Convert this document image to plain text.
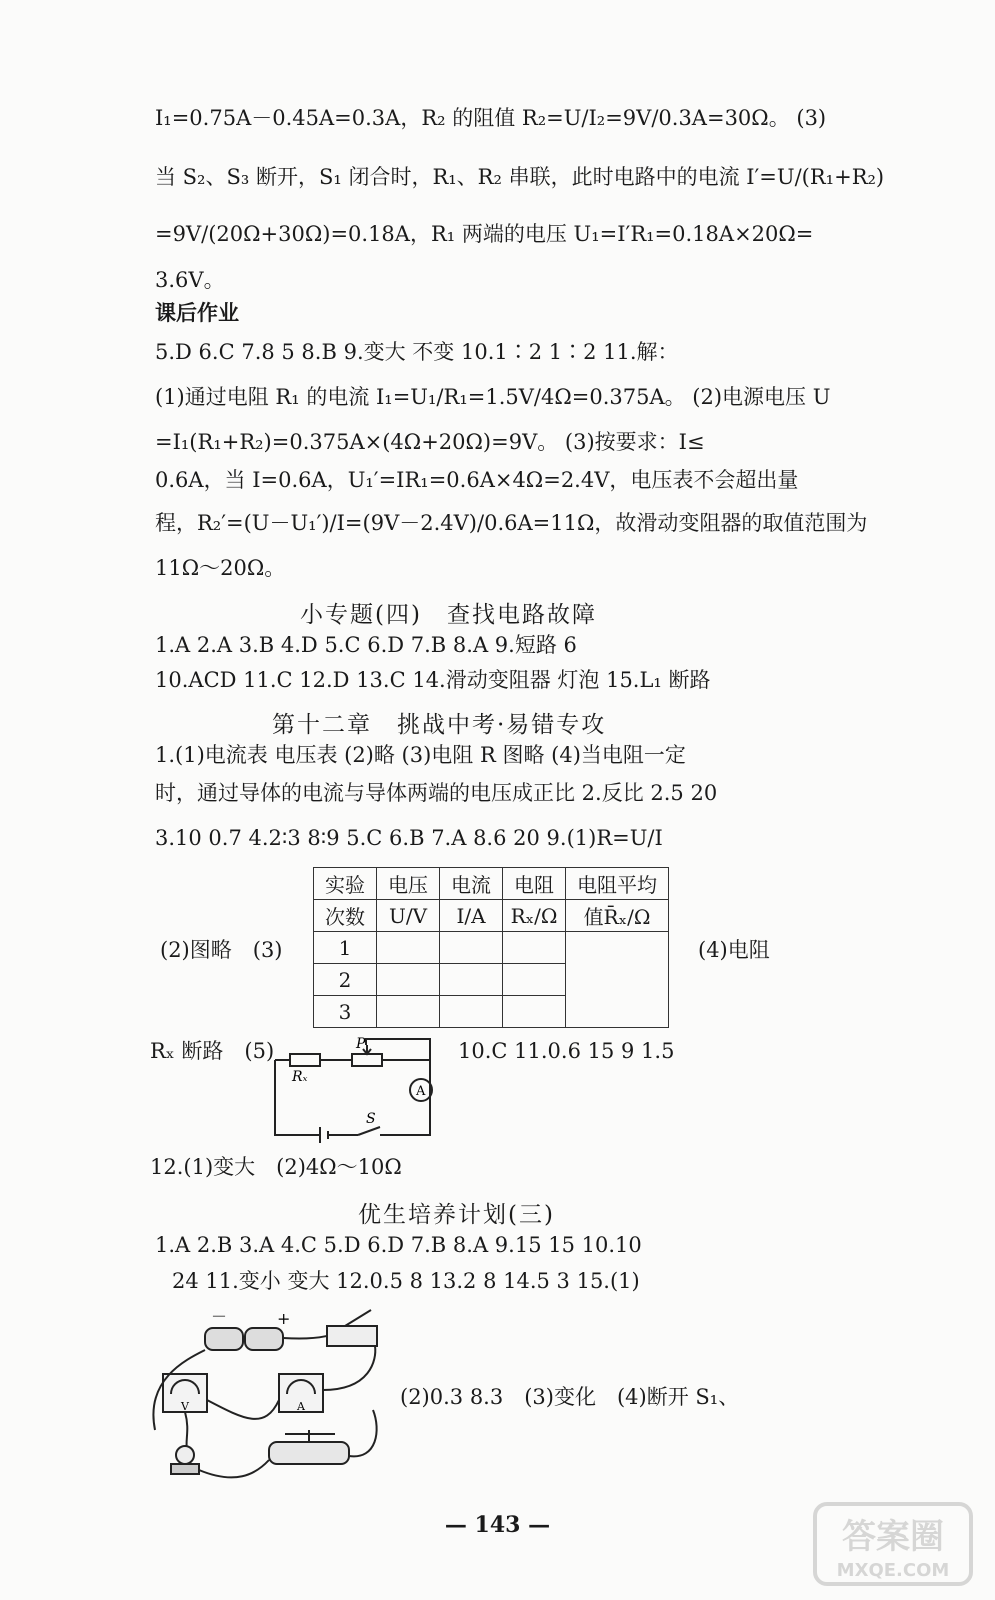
I₁=0.75A－0.45A=0.3A，R₂ 的阻值 R₂=U/I₂=9V/0.3A=30Ω。 (3)
当 S₂、S₃ 断开，S₁ 闭合时，R₁、R₂ 串联，此时电路中的电流 I′=U/(R₁+R₂)
=9V/(20Ω+30Ω)=0.18A，R₁ 两端的电压 U₁=I′R₁=0.18A×20Ω=
3.6V。
课后作业
5.D 6.C 7.8 5 8.B 9.变大 不变 10.1∶2 1∶2 11.解：
(1)通过电阻 R₁ 的电流 I₁=U₁/R₁=1.5V/4Ω=0.375A。 (2)电源电压 U
=I₁(R₁+R₂)=0.375A×(4Ω+20Ω)=9V。 (3)按要求：I≤
0.6A，当 I=0.6A，U₁′=IR₁=0.6A×4Ω=2.4V，电压表不会超出量
程，R₂′=(U－U₁′)/I=(9V－2.4V)/0.6A=11Ω，故滑动变阻器的取值范围为
11Ω～20Ω。
小专题(四)　查找电路故障
1.A 2.A 3.B 4.D 5.C 6.D 7.B 8.A 9.短路 6
10.ACD 11.C 12.D 13.C 14.滑动变阻器 灯泡 15.L₁ 断路
第十二章　挑战中考·易错专攻
1.(1)电流表 电压表 (2)略 (3)电阻 R 图略 (4)当电阻一定
时，通过导体的电流与导体两端的电压成正比 2.反比 2.5 20
3.10 0.7 4.2∶3 8∶9 5.C 6.B 7.A 8.6 20 9.(1)R=U/I
(2)图略　(3)
实验	电压	电流	电阻	电阻平均
次数	U/V	I/A	Rₓ/Ω	值R̄ₓ/Ω
1				
2				
3				
(4)电阻
Rₓ 断路　(5)
Rₓ
P
A
S
10.C 11.0.6 15 9 1.5
12.(1)变大　(2)4Ω～10Ω
优生培养计划(三)
1.A 2.B 3.A 4.C 5.D 6.D 7.B 8.A 9.15 15 10.10
24 11.变小 变大 12.0.5 8 13.2 8 14.5 3 15.(1)
－	+
V	A	(2)0.3 8.3　(3)变化　(4)断开 S₁、
— 143 —	答案圈
MXQE.COM
